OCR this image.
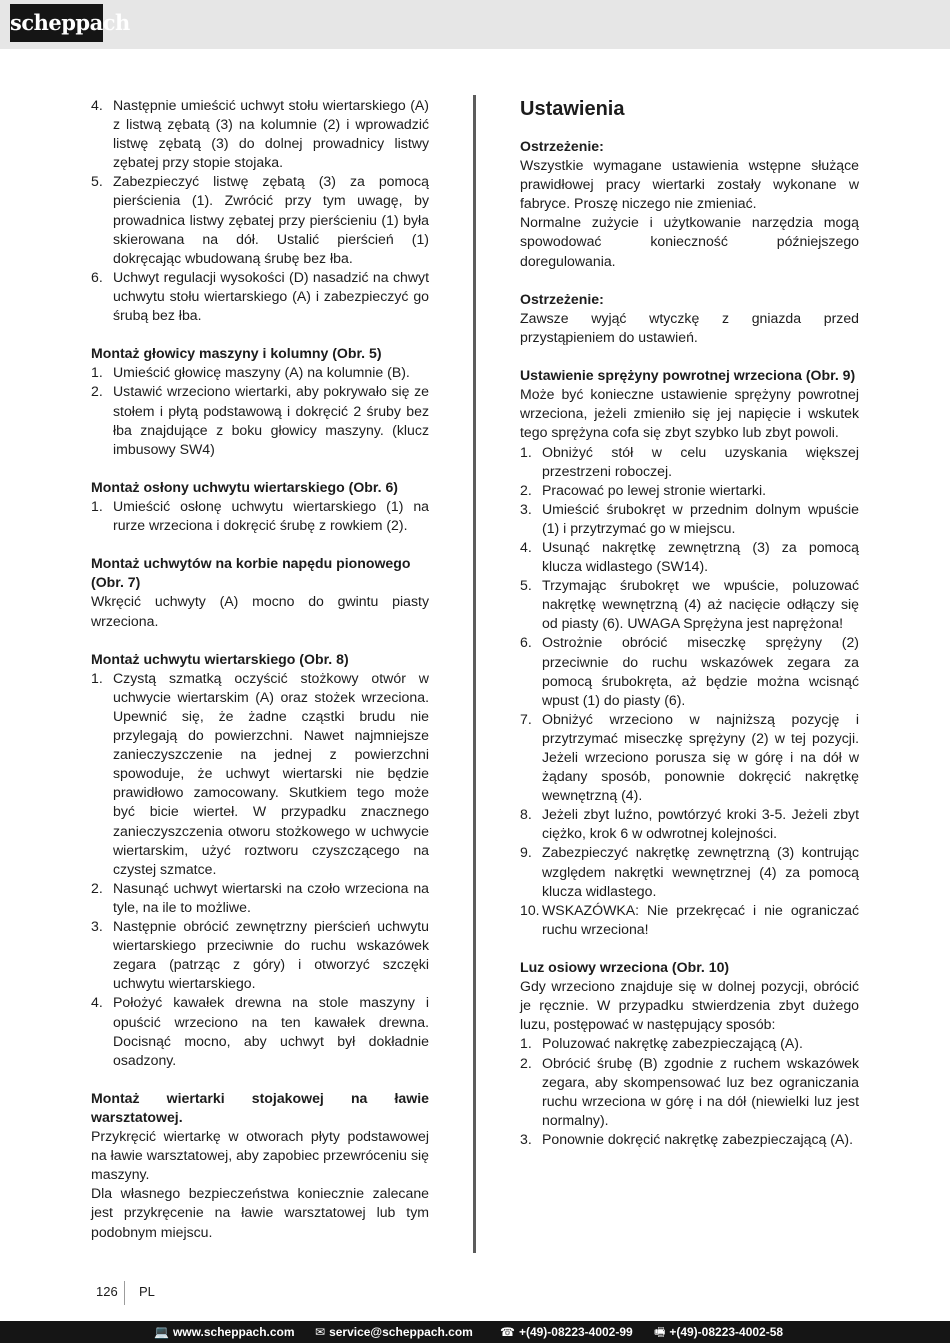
scheppach
4. Następnie umieścić uchwyt stołu wiertarskiego (A) z listwą zębatą (3) na kolumnie (2) i wprowadzić listwę zębatą (3) do dolnej prowadnicy listwy zębatej przy stopie stojaka.
5. Zabezpieczyć listwę zębatą (3) za pomocą pierścienia (1). Zwrócić przy tym uwagę, by prowadnica listwy zębatej przy pierścieniu (1) była skierowana na dół. Ustalić pierścień (1) dokręcając wbudowaną śrubę bez łba.
6. Uchwyt regulacji wysokości (D) nasadzić na chwyt uchwytu stołu wiertarskiego (A) i zabezpieczyć go śrubą bez łba.
Montaż głowicy maszyny i kolumny (Obr. 5)
1. Umieścić głowicę maszyny (A) na kolumnie (B).
2. Ustawić wrzeciono wiertarki, aby pokrywało się ze stołem i płytą podstawową i dokręcić 2 śruby bez łba znajdujące z boku głowicy maszyny. (klucz imbusowy SW4)
Montaż osłony uchwytu wiertarskiego (Obr. 6)
1. Umieścić osłonę uchwytu wiertarskiego (1) na rurze wrzeciona i dokręcić śrubę z rowkiem (2).
Montaż uchwytów na korbie napędu pionowego (Obr. 7)
Wkręcić uchwyty (A) mocno do gwintu piasty wrzeciona.
Montaż uchwytu wiertarskiego (Obr. 8)
1. Czystą szmatką oczyścić stożkowy otwór w uchwycie wiertarskim (A) oraz stożek wrzeciona. Upewnić się, że żadne cząstki brudu nie przylegają do powierzchni. Nawet najmniejsze zanieczyszczenie na jednej z powierzchni spowoduje, że uchwyt wiertarski nie będzie prawidłowo zamocowany. Skutkiem tego może być bicie wierteł. W przypadku znacznego zanieczyszczenia otworu stożkowego w uchwycie wiertarskim, użyć roztworu czyszczącego na czystej szmatce.
2. Nasunąć uchwyt wiertarski na czoło wrzeciona na tyle, na ile to możliwe.
3. Następnie obrócić zewnętrzny pierścień uchwytu wiertarskiego przeciwnie do ruchu wskazówek zegara (patrząc z góry) i otworzyć szczęki uchwytu wiertarskiego.
4. Położyć kawałek drewna na stole maszyny i opuścić wrzeciono na ten kawałek drewna. Docisnąć mocno, aby uchwyt był dokładnie osadzony.
Montaż wiertarki stojakowej na ławie warsztatowej.
Przykręcić wiertarkę w otworach płyty podstawowej na ławie warsztatowej, aby zapobiec przewróceniu się maszyny.
Dla własnego bezpieczeństwa koniecznie zalecane jest przykręcenie na ławie warsztatowej lub tym podobnym miejscu.
Ustawienia
Ostrzeżenie:
Wszystkie wymagane ustawienia wstępne służące prawidłowej pracy wiertarki zostały wykonane w fabryce. Proszę niczego nie zmieniać.
Normalne zużycie i użytkowanie narzędzia mogą spowodować konieczność późniejszego doregulowania.
Ostrzeżenie:
Zawsze wyjąć wtyczkę z gniazda przed przystąpieniem do ustawień.
Ustawienie sprężyny powrotnej wrzeciona (Obr. 9)
Może być konieczne ustawienie sprężyny powrotnej wrzeciona, jeżeli zmieniło się jej napięcie i wskutek tego sprężyna cofa się zbyt szybko lub zbyt powoli.
1. Obniżyć stół w celu uzyskania większej przestrzeni roboczej.
2. Pracować po lewej stronie wiertarki.
3. Umieścić śrubokręt w przednim dolnym wpuście (1) i przytrzymać go w miejscu.
4. Usunąć nakrętkę zewnętrzną (3) za pomocą klucza widlastego (SW14).
5. Trzymając śrubokręt we wpuście, poluzować nakrętkę wewnętrzną (4) aż nacięcie odłączy się od piasty (6). UWAGA Sprężyna jest naprężona!
6. Ostrożnie obrócić miseczkę sprężyny (2) przeciwnie do ruchu wskazówek zegara za pomocą śrubokręta, aż będzie można wcisnąć wpust (1) do piasty (6).
7. Obniżyć wrzeciono w najniższą pozycję i przytrzymać miseczkę sprężyny (2) w tej pozycji. Jeżeli wrzeciono porusza się w górę i na dół w żądany sposób, ponownie dokręcić nakrętkę wewnętrzną (4).
8. Jeżeli zbyt luźno, powtórzyć kroki 3-5. Jeżeli zbyt ciężko, krok 6 w odwrotnej kolejności.
9. Zabezpieczyć nakrętkę zewnętrzną (3) kontrując względem nakrętki wewnętrznej (4) za pomocą klucza widlastego.
10. WSKAZÓWKA: Nie przekręcać i nie ograniczać ruchu wrzeciona!
Luz osiowy wrzeciona (Obr. 10)
Gdy wrzeciono znajduje się w dolnej pozycji, obrócić je ręcznie. W przypadku stwierdzenia zbyt dużego luzu, postępować w następujący sposób:
1. Poluzować nakrętkę zabezpieczającą (A).
2. Obrócić śrubę (B) zgodnie z ruchem wskazówek zegara, aby skompensować luz bez ograniczania ruchu wrzeciona w górę i na dół (niewielki luz jest normalny).
3. Ponownie dokręcić nakrętkę zabezpieczającą (A).
126 PL
💻 www.scheppach.com ✉ service@scheppach.com ☎ +(49)-08223-4002-99 🖷 +(49)-08223-4002-58
